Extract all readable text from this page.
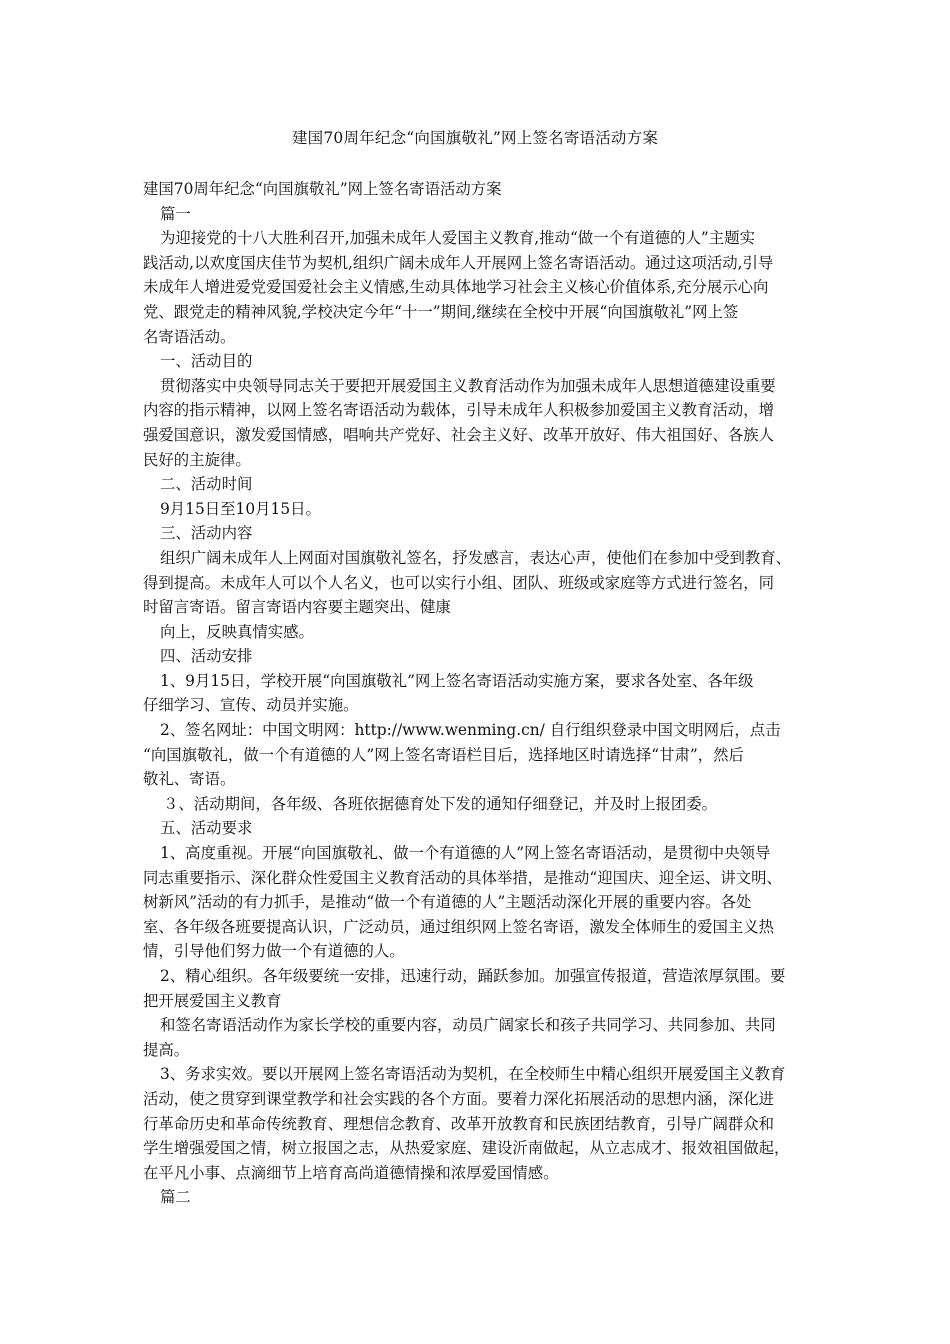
建国70周年纪念“向国旗敬礼”网上签名寄语活动方案
建国70周年纪念“向国旗敬礼”网上签名寄语活动方案
篇一
为迎接党的十八大胜利召开,加强未成年人爱国主义教育,推动“做一个有道德的人”主题实
践活动,以欢度国庆佳节为契机,组织广阔未成年人开展网上签名寄语活动。通过这项活动,引导
未成年人增进爱党爱国爱社会主义情感,生动具体地学习社会主义核心价值体系,充分展示心向
党、跟党走的精神风貌,学校决定今年“十一”期间,继续在全校中开展“向国旗敬礼”网上签
名寄语活动。
一、活动目的
贯彻落实中央领导同志关于要把开展爱国主义教育活动作为加强未成年人思想道德建设重要
内容的指示精神，以网上签名寄语活动为载体，引导未成年人积极参加爱国主义教育活动，增
强爱国意识，激发爱国情感，唱响共产党好、社会主义好、改革开放好、伟大祖国好、各族人
民好的主旋律。
二、活动时间
9月15日至10月15日。
三、活动内容
组织广阔未成年人上网面对国旗敬礼签名，抒发感言，表达心声，使他们在参加中受到教育、
得到提高。未成年人可以个人名义，也可以实行小组、团队、班级或家庭等方式进行签名，同
时留言寄语。留言寄语内容要主题突出、健康
向上，反映真情实感。
四、活动安排
1、9月15日，学校开展“向国旗敬礼”网上签名寄语活动实施方案，要求各处室、各年级
仔细学习、宣传、动员并实施。
2、签名网址：中国文明网：http://www.wenming.cn/ 自行组织登录中国文明网后，点击
“向国旗敬礼，做一个有道德的人”网上签名寄语栏目后，选择地区时请选择“甘肃”，然后
敬礼、寄语。
３、活动期间，各年级、各班依据德育处下发的通知仔细登记，并及时上报团委。
五、活动要求
1、高度重视。开展“向国旗敬礼、做一个有道德的人”网上签名寄语活动，是贯彻中央领导
同志重要指示、深化群众性爱国主义教育活动的具体举措，是推动“迎国庆、迎全运、讲文明、
树新风”活动的有力抓手，是推动“做一个有道德的人”主题活动深化开展的重要内容。各处
室、各年级各班要提高认识，广泛动员，通过组织网上签名寄语，激发全体师生的爱国主义热
情，引导他们努力做一个有道德的人。
2、精心组织。各年级要统一安排，迅速行动，踊跃参加。加强宣传报道，营造浓厚氛围。要
把开展爱国主义教育
和签名寄语活动作为家长学校的重要内容，动员广阔家长和孩子共同学习、共同参加、共同
提高。
3、务求实效。要以开展网上签名寄语活动为契机，在全校师生中精心组织开展爱国主义教育
活动，使之贯穿到课堂教学和社会实践的各个方面。要着力深化拓展活动的思想内涵，深化进
行革命历史和革命传统教育、理想信念教育、改革开放教育和民族团结教育，引导广阔群众和
学生增强爱国之情，树立报国之志，从热爱家庭、建设沂南做起，从立志成才、报效祖国做起，
在平凡小事、点滴细节上培育高尚道德情操和浓厚爱国情感。
篇二
